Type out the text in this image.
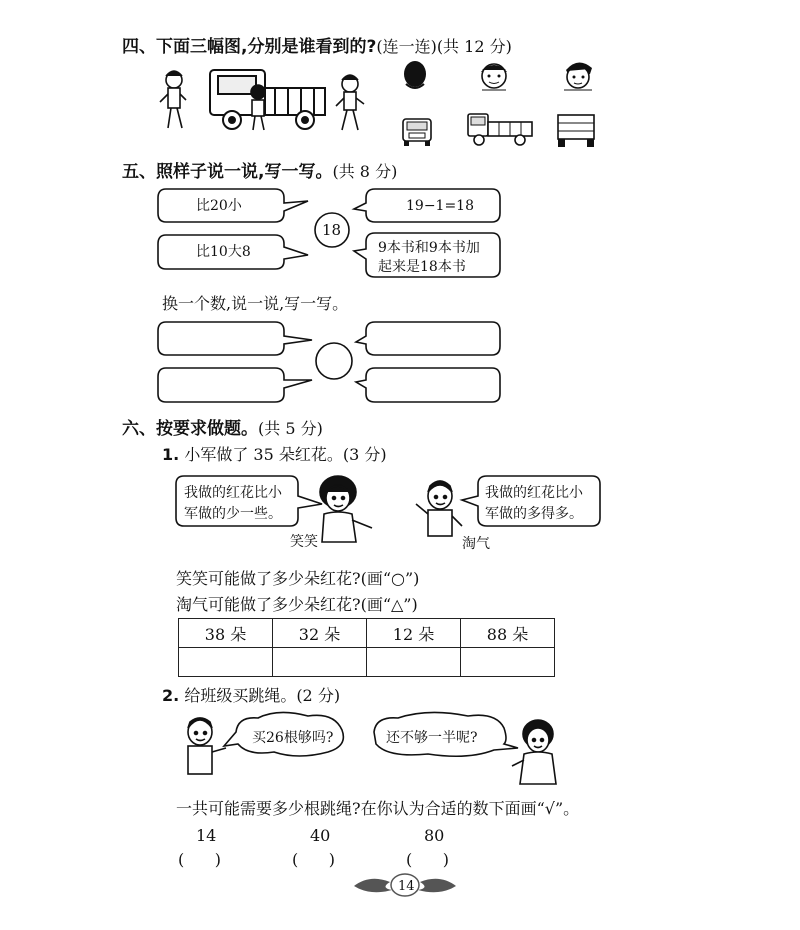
四、下面三幅图,分别是谁看到的?(连一连)(共 12 分)
五、照样子说一说,写一写。(共 8 分)
比20小
比10大8
18
19−1=18
9本书和9本书加
起来是18本书
换一个数,说一说,写一写。
六、按要求做题。(共 5 分)
1. 小军做了 35 朵红花。(3 分)
我做的红花比小
军做的少一些。
我做的红花比小
军做的多得多。
笑笑	淘气
笑笑可能做了多少朵红花?(画“○”)
淘气可能做了多少朵红花?(画“△”)
38 朵	32 朵	12 朵	88 朵

2. 给班级买跳绳。(2 分)
买26根够吗?	还不够一半呢?
一共可能需要多少根跳绳?在你认为合适的数下面画“√”。
14	40	80
(      )	(      )	(      )
14
